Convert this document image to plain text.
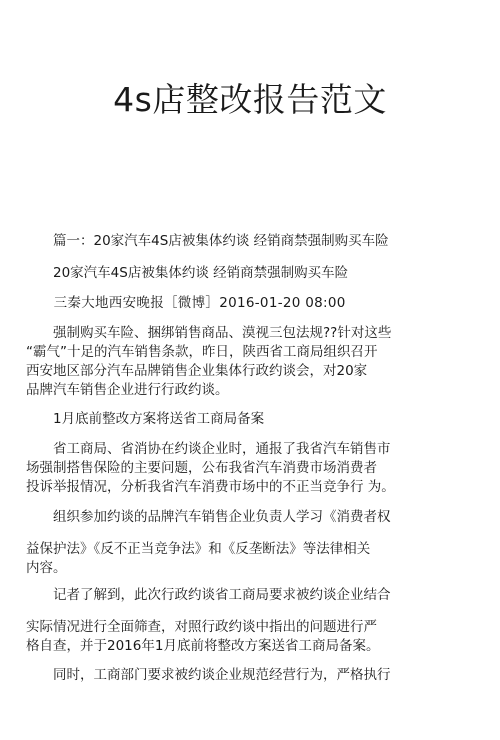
4s店整改报告范文
　　篇一：20家汽车4S店被集体约谈 经销商禁强制购买车险
　　20家汽车4S店被集体约谈 经销商禁强制购买车险
　　三秦大地西安晚报［微博］2016-01-20 08:00
　　强制购买车险、捆绑销售商品、漠视三包法规??针对这些
“霸气”十足的汽车销售条款，昨日，陕西省工商局组织召开
西安地区部分汽车品牌销售企业集体行政约谈会，对20家
品牌汽车销售企业进行行政约谈。
　　1月底前整改方案将送省工商局备案
　　省工商局、省消协在约谈企业时，通报了我省汽车销售市
场强制搭售保险的主要问题，公布我省汽车消费市场消费者
投诉举报情况，分析我省汽车消费市场中的不正当竞争行 为。
　　组织参加约谈的品牌汽车销售企业负责人学习《消费者权
益保护法》《反不正当竞争法》和《反垄断法》等法律相关
内容。
　　记者了解到，此次行政约谈省工商局要求被约谈企业结合
实际情况进行全面筛查，对照行政约谈中指出的问题进行严
格自查，并于2016年1月底前将整改方案送省工商局备案。
　　同时，工商部门要求被约谈企业规范经营行为，严格执行
